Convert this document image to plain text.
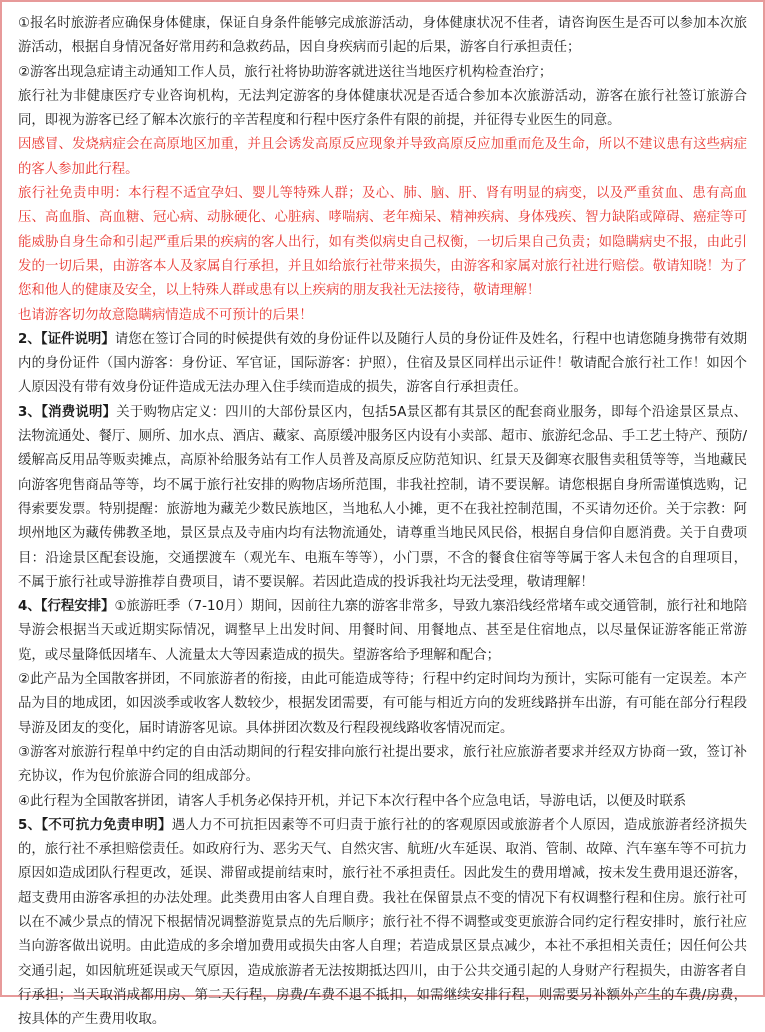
①报名时旅游者应确保身体健康，保证自身条件能够完成旅游活动，身体健康状况不佳者，请咨询医生是否可以参加本次旅游活动，根据自身情况备好常用药和急救药品，因自身疾病而引起的后果，游客自行承担责任；

②游客出现急症请主动通知工作人员，旅行社将协助游客就进送往当地医疗机构检查治疗；

旅行社为非健康医疗专业咨询机构，无法判定游客的身体健康状况是否适合参加本次旅游活动，游客在旅行社签订旅游合同，即视为游客已经了解本次旅行的辛苦程度和行程中医疗条件有限的前提，并征得专业医生的同意。

因感冒、发烧病症会在高原地区加重，并且会诱发高原反应现象并导致高原反应加重而危及生命，所以不建议患有这些病症的客人参加此行程。

旅行社免责申明：本行程不适宜孕妇、婴儿等特殊人群；及心、肺、脑、肝、肾有明显的病变，以及严重贫血、患有高血压、高血脂、高血糖、冠心病、动脉硬化、心脏病、哮喘病、老年痴呆、精神疾病、身体残疾、智力缺陷或障碍、癌症等可能威胁自身生命和引起严重后果的疾病的客人出行，如有类似病史自己权衡，一切后果自己负责；如隐瞒病史不报，由此引发的一切后果，由游客本人及家属自行承担，并且如给旅行社带来损失，由游客和家属对旅行社进行赔偿。敬请知晓！为了您和他人的健康及安全，以上特殊人群或患有以上疾病的朋友我社无法接待，敬请理解！

也请游客切勿故意隐瞒病情造成不可预计的后果！

2、【证件说明】请您在签订合同的时候提供有效的身份证件以及随行人员的身份证件及姓名，行程中也请您随身携带有效期内的身份证件（国内游客：身份证、军官证，国际游客：护照），住宿及景区同样出示证件！敬请配合旅行社工作！如因个人原因没有带有效身份证件造成无法办理入住手续而造成的损失，游客自行承担责任。

3、【消费说明】关于购物店定义：四川的大部份景区内，包括5A景区都有其景区的配套商业服务，即每个沿途景区景点、法物流通处、餐厅、厕所、加水点、酒店、藏家、高原缓冲服务区内设有小卖部、超市、旅游纪念品、手工艺土特产、预防/缓解高反用品等贩卖摊点，高原补给服务站有工作人员普及高原反应防范知识、红景天及御寒衣服售卖租赁等等，当地藏民向游客兜售商品等等，均不属于旅行社安排的购物店场所范围，非我社控制，请不要误解。请您根据自身所需谨慎选购，记得索要发票。特别提醒：旅游地为藏羌少数民族地区，当地私人小摊，更不在我社控制范围，不买请勿还价。关于宗教：阿坝州地区为藏传佛教圣地，景区景点及寺庙内均有法物流通处，请尊重当地民风民俗，根据自身信仰自愿消费。关于自费项目：沿途景区配套设施，交通摆渡车（观光车、电瓶车等等），小门票，不含的餐食住宿等等属于客人未包含的自理项目，不属于旅行社或导游推荐自费项目，请不要误解。若因此造成的投诉我社均无法受理，敬请理解！

4、【行程安排】①旅游旺季（7-10月）期间，因前往九寨的游客非常多，导致九寨沿线经常堵车或交通管制，旅行社和地陪导游会根据当天或近期实际情况，调整早上出发时间、用餐时间、用餐地点、甚至是住宿地点，以尽量保证游客能正常游览，或尽量降低因堵车、人流量太大等因素造成的损失。望游客给予理解和配合；

②此产品为全国散客拼团，不同旅游者的衔接，由此可能造成等待；行程中约定时间均为预计，实际可能有一定误差。本产品为目的地成团，如因淡季或收客人数较少，根据发团需要，有可能与相近方向的发班线路拼车出游，有可能在部分行程段导游及团友的变化，届时请游客见谅。具体拼团次数及行程段视线路收客情况而定。

③游客对旅游行程单中约定的自由活动期间的行程安排向旅行社提出要求，旅行社应旅游者要求并经双方协商一致，签订补充协议，作为包价旅游合同的组成部分。

④此行程为全国散客拼团，请客人手机务必保持开机，并记下本次行程中各个应急电话，导游电话，以便及时联系

5、【不可抗力免责申明】遇人力不可抗拒因素等不可归责于旅行社的的客观原因或旅游者个人原因，造成旅游者经济损失的，旅行社不承担赔偿责任。如政府行为、恶劣天气、自然灾害、航班/火车延误、取消、管制、故障、汽车塞车等不可抗力原因如造成团队行程更改，延误、滞留或提前结束时，旅行社不承担责任。因此发生的费用增减，按未发生费用退还游客，超支费用由游客承担的办法处理。此类费用由客人自理自费。我社在保留景点不变的情况下有权调整行程和住房。旅行社可以在不减少景点的情况下根据情况调整游览景点的先后顺序；旅行社不得不调整或变更旅游合同约定行程安排时，旅行社应当向游客做出说明。由此造成的多余增加费用或损失由客人自理；若造成景区景点减少，本社不承担相关责任；因任何公共交通引起，如因航班延误或天气原因，造成旅游者无法按期抵达四川，由于公共交通引起的人身财产行程损失，由游客者自行承担；当天取消成都用房、第二天行程，房费/车费不退不抵扣，如需继续安排行程，则需要另补额外产生的车费/房费，按具体的产生费用收取。
